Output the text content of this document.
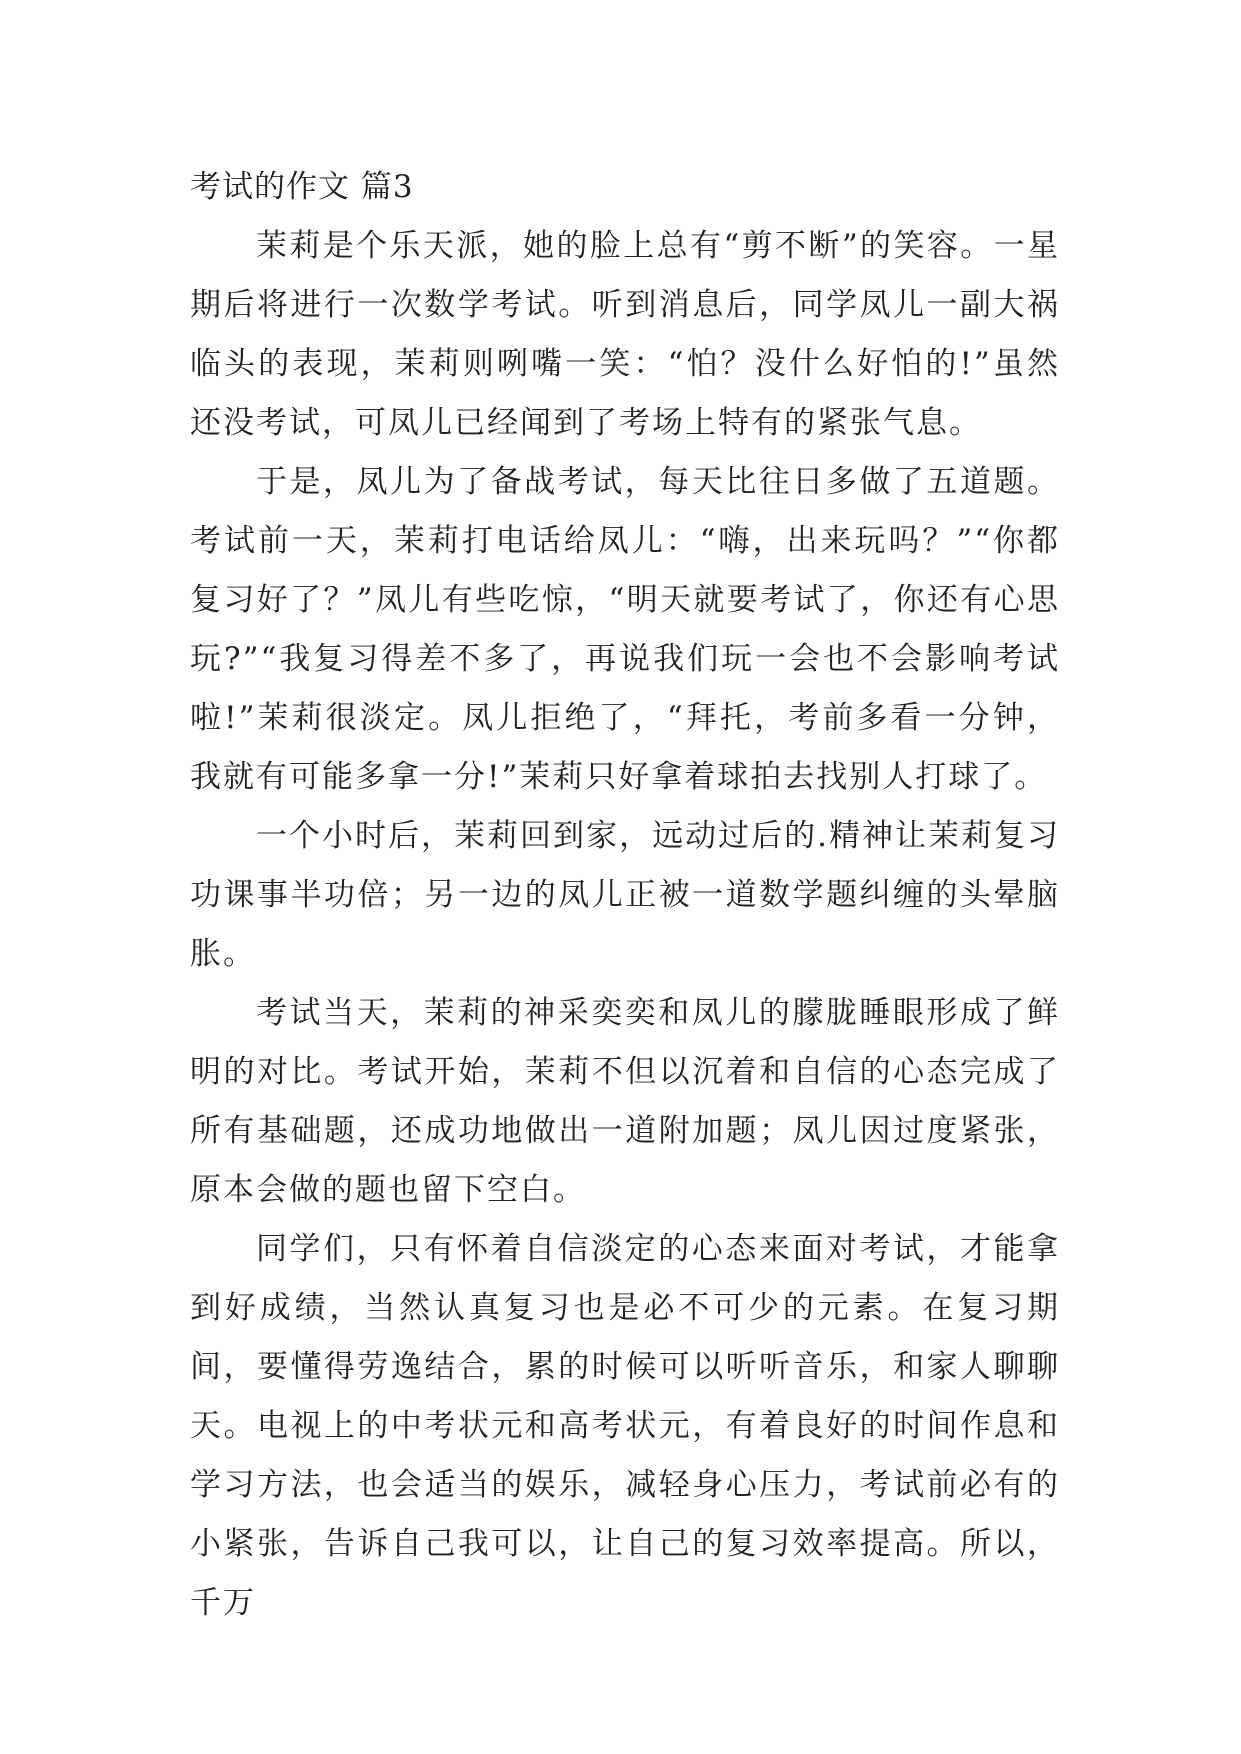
考试的作文 篇3

茉莉是个乐天派，她的脸上总有“剪不断”的笑容。一星期后将进行一次数学考试。听到消息后，同学凤儿一副大祸临头的表现，茉莉则咧嘴一笑：“怕？没什么好怕的!”虽然还没考试，可凤儿已经闻到了考场上特有的紧张气息。

于是，凤儿为了备战考试，每天比往日多做了五道题。考试前一天，茉莉打电话给凤儿：“嗨，出来玩吗？”“你都复习好了？”凤儿有些吃惊，“明天就要考试了，你还有心思玩?”“我复习得差不多了，再说我们玩一会也不会影响考试啦!”茉莉很淡定。凤儿拒绝了，“拜托，考前多看一分钟，我就有可能多拿一分!”茉莉只好拿着球拍去找别人打球了。

一个小时后，茉莉回到家，远动过后的.精神让茉莉复习功课事半功倍；另一边的凤儿正被一道数学题纠缠的头晕脑胀。

考试当天，茉莉的神采奕奕和凤儿的朦胧睡眼形成了鲜明的对比。考试开始，茉莉不但以沉着和自信的心态完成了所有基础题，还成功地做出一道附加题；凤儿因过度紧张，原本会做的题也留下空白。

同学们，只有怀着自信淡定的心态来面对考试，才能拿到好成绩，当然认真复习也是必不可少的元素。在复习期间，要懂得劳逸结合，累的时候可以听听音乐，和家人聊聊天。电视上的中考状元和高考状元，有着良好的时间作息和学习方法，也会适当的娱乐，减轻身心压力，考试前必有的小紧张，告诉自己我可以，让自己的复习效率提高。所以，千万
